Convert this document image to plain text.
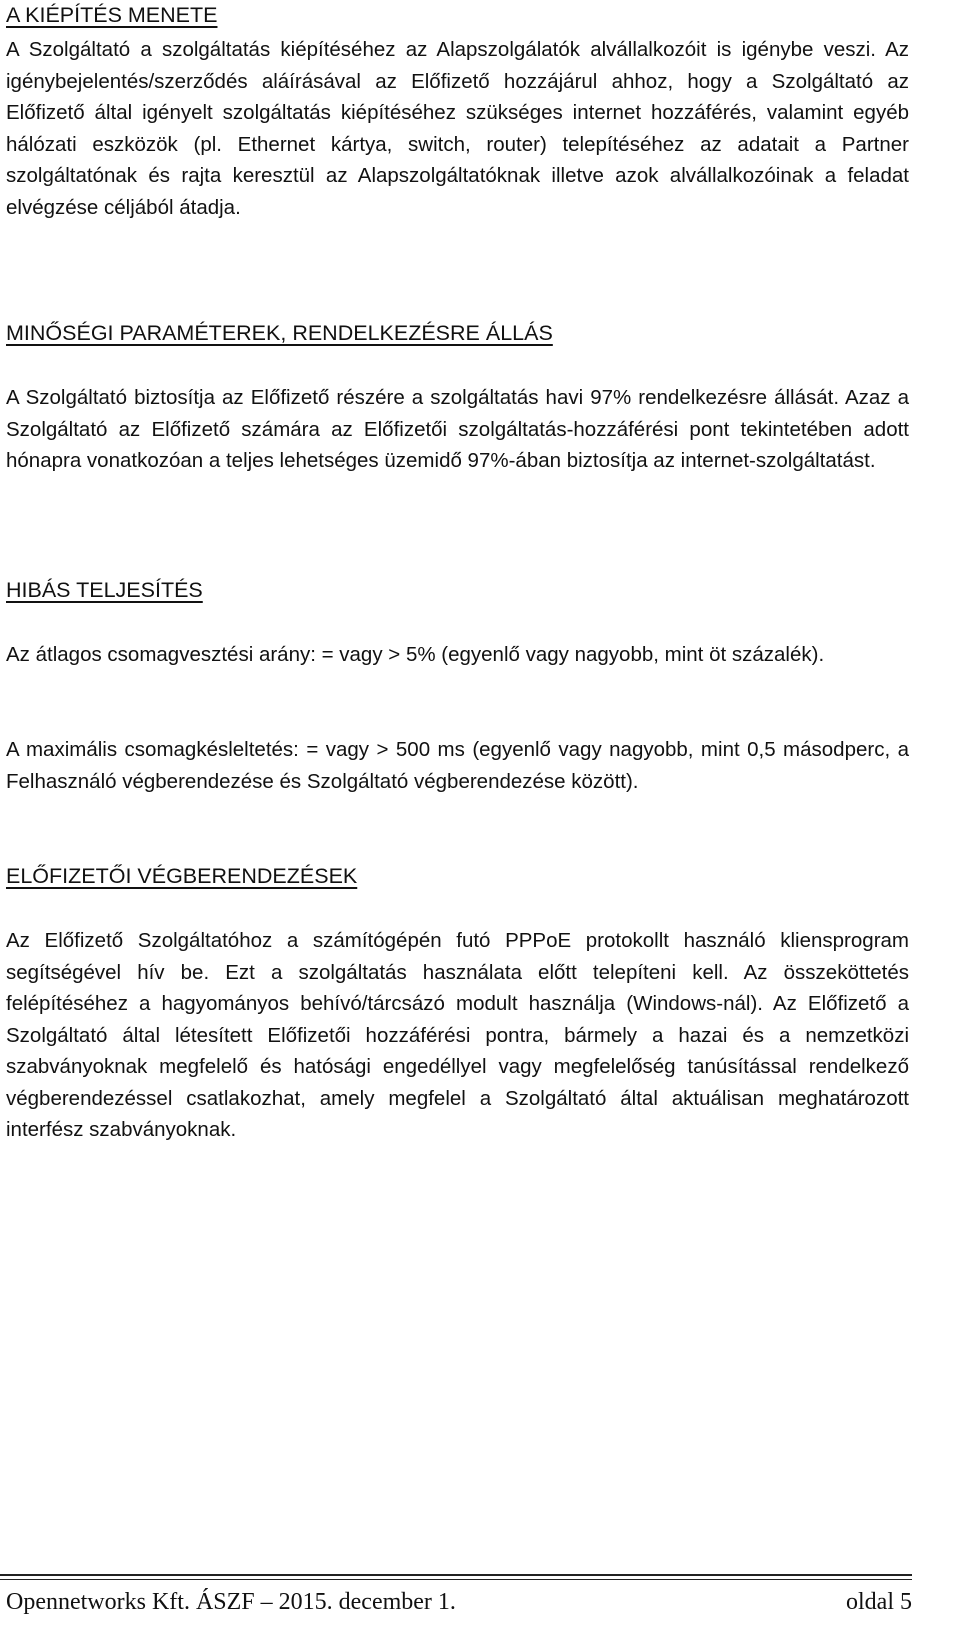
A KIÉPÍTÉS MENETE

A Szolgáltató a szolgáltatás kiépítéséhez az Alapszolgálatók alvállalkozóit is igénybe veszi. Az igénybejelentés/szerződés aláírásával az Előfizető hozzájárul ahhoz, hogy a Szolgáltató az Előfizető által igényelt szolgáltatás kiépítéséhez szükséges internet hozzáférés, valamint egyéb hálózati eszközök (pl. Ethernet kártya, switch, router) telepítéséhez az adatait a Partner szolgáltatónak és rajta keresztül az Alapszolgáltatóknak illetve azok alvállalkozóinak a feladat elvégzése céljából átadja.

MINŐSÉGI PARAMÉTEREK, RENDELKEZÉSRE ÁLLÁS

A Szolgáltató biztosítja az Előfizető részére a szolgáltatás havi 97% rendelkezésre állását. Azaz a Szolgáltató az Előfizető számára az Előfizetői szolgáltatás-hozzáférési pont tekintetében adott hónapra vonatkozóan a teljes lehetséges üzemidő 97%-ában biztosítja az internet-szolgáltatást.

HIBÁS TELJESÍTÉS

Az átlagos csomagvesztési arány: = vagy > 5% (egyenlő vagy nagyobb, mint öt százalék).

A maximális csomagkésleltetés: = vagy > 500 ms (egyenlő vagy nagyobb, mint 0,5 másodperc, a Felhasználó végberendezése és Szolgáltató végberendezése között).

ELŐFIZETŐI VÉGBERENDEZÉSEK

Az Előfizető Szolgáltatóhoz a számítógépén futó PPPoE protokollt használó kliensprogram segítségével hív be. Ezt a szolgáltatás használata előtt telepíteni kell. Az összeköttetés felépítéséhez a hagyományos behívó/tárcsázó modult használja (Windows-nál). Az Előfizető a Szolgáltató által létesített Előfizetői hozzáférési pontra, bármely a hazai és a nemzetközi szabványoknak megfelelő és hatósági engedéllyel vagy megfelelőség tanúsítással rendelkező végberendezéssel csatlakozhat, amely megfelel a Szolgáltató által aktuálisan meghatározott interfész szabványoknak.

Opennetworks Kft. ÁSZF – 2015. december 1.	oldal 5
